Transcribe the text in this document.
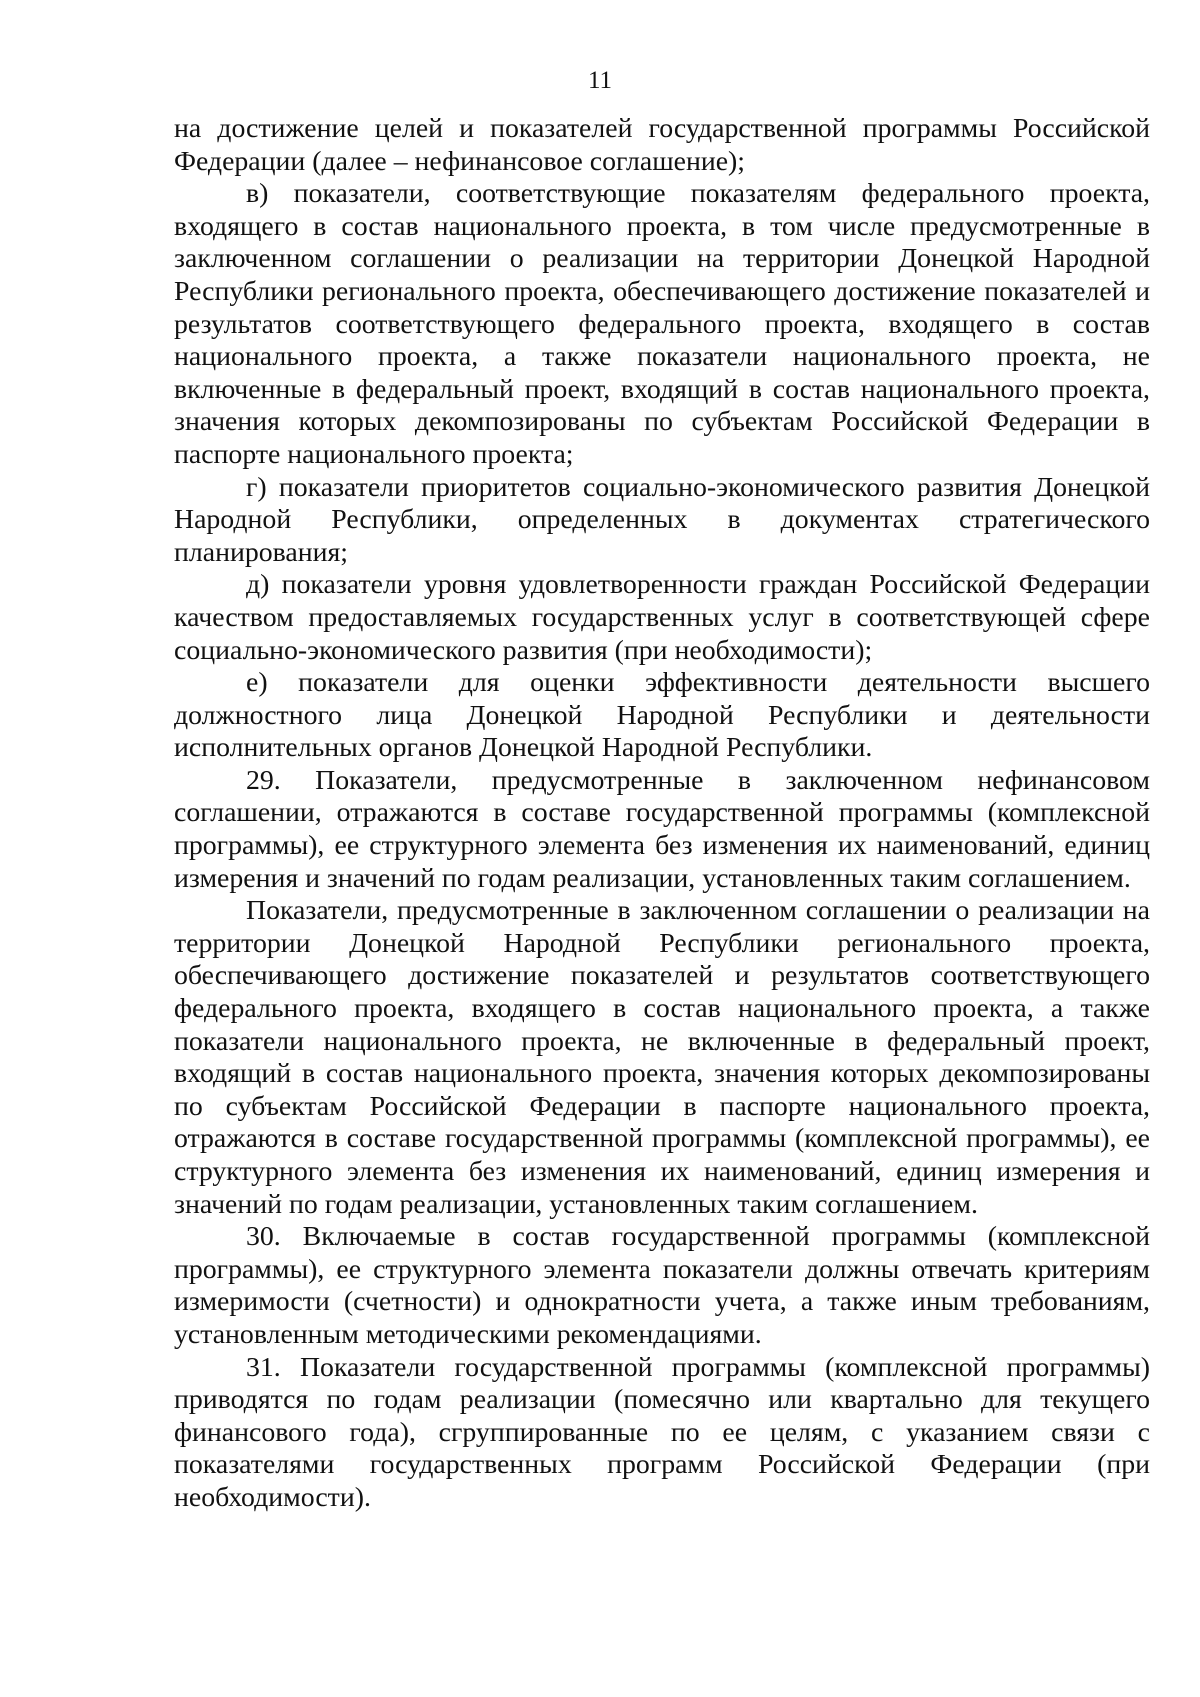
11

на достижение целей и показателей государственной программы Российской Федерации (далее – нефинансовое соглашение);

в) показатели, соответствующие показателям федерального проекта, входящего в состав национального проекта, в том числе предусмотренные в заключенном соглашении о реализации на территории Донецкой Народной Республики регионального проекта, обеспечивающего достижение показателей и результатов соответствующего федерального проекта, входящего в состав национального проекта, а также показатели национального проекта, не включенные в федеральный проект, входящий в состав национального проекта, значения которых декомпозированы по субъектам Российской Федерации в паспорте национального проекта;

г) показатели приоритетов социально-экономического развития Донецкой Народной Республики, определенных в документах стратегического планирования;

д) показатели уровня удовлетворенности граждан Российской Федерации качеством предоставляемых государственных услуг в соответствующей сфере социально-экономического развития (при необходимости);

е) показатели для оценки эффективности деятельности высшего должностного лица Донецкой Народной Республики и деятельности исполнительных органов Донецкой Народной Республики.

29. Показатели, предусмотренные в заключенном нефинансовом соглашении, отражаются в составе государственной программы (комплексной программы), ее структурного элемента без изменения их наименований, единиц измерения и значений по годам реализации, установленных таким соглашением.

Показатели, предусмотренные в заключенном соглашении о реализации на территории Донецкой Народной Республики регионального проекта, обеспечивающего достижение показателей и результатов соответствующего федерального проекта, входящего в состав национального проекта, а также показатели национального проекта, не включенные в федеральный проект, входящий в состав национального проекта, значения которых декомпозированы по субъектам Российской Федерации в паспорте национального проекта, отражаются в составе государственной программы (комплексной программы), ее структурного элемента без изменения их наименований, единиц измерения и значений по годам реализации, установленных таким соглашением.

30. Включаемые в состав государственной программы (комплексной программы), ее структурного элемента показатели должны отвечать критериям измеримости (счетности) и однократности учета, а также иным требованиям, установленным методическими рекомендациями.

31. Показатели государственной программы (комплексной программы) приводятся по годам реализации (помесячно или квартально для текущего финансового года), сгруппированные по ее целям, с указанием связи с показателями государственных программ Российской Федерации (при необходимости).
